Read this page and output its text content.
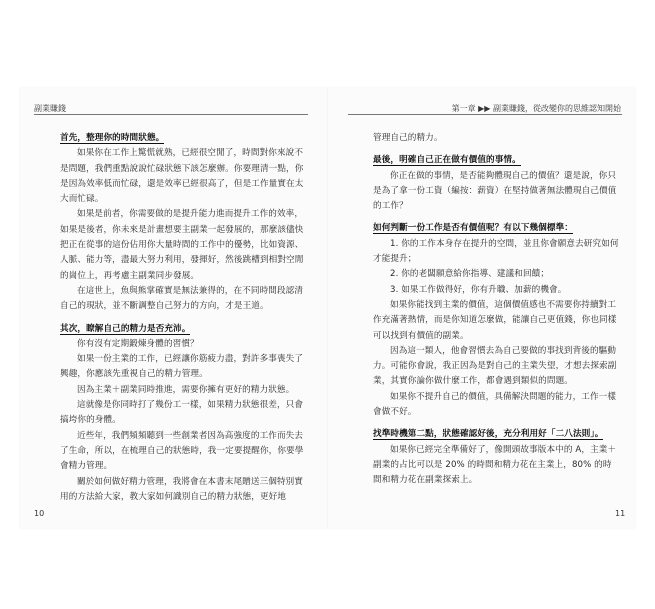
副業賺錢	第一章 ▶▶ 副業賺錢，從改變你的思維認知開始

首先，整理你的時間狀態。

如果你在工作上驚慌就熟，已經很空閒了，時間對你來說不是問題，我們重點說說忙碌狀態下該怎麼辦。你要理清一點，你是因為效率低而忙碌，還是效率已經很高了，但是工作量實在太大而忙碌。

如果是前者，你需要做的是提升能力進而提升工作的效率，如果是後者，你未來是計畫想要主副業一起發展的，那麼該儘快把正在從事的這份佔用你大量時間的工作中的優勢，比如資源、人脈、能力等，盡最大努力利用，發揮好，然後跳槽到相對空閒的崗位上，再考慮主副業同步發展。

在這世上，魚與熊掌確實是無法兼得的，在不同時間段認清自己的現狀，並不斷調整自己努力的方向，才是王道。

其次，瞭解自己的精力是否充沛。

你有沒有定期鍛煉身體的習慣？

如果一份主業的工作，已經讓你筋疲力盡，對許多事喪失了興趣，你應該先重視自己的精力管理。

因為主業＋副業同時推進，需要你擁有更好的精力狀態。

這就像是你同時打了幾份工一樣，如果精力狀態很差，只會搞垮你的身體。

近些年，我們頻頻聽到一些創業者因為高強度的工作而失去了生命，所以，在梳理自己的狀態時，我一定要提醒你，你要學會精力管理。

關於如何做好精力管理，我將會在本書末尾贈送三個特別實用的方法給大家，教大家如何識別自己的精力狀態，更好地

管理自己的精力。

最後，明確自己正在做有價值的事情。

你正在做的事情，是否能夠體現自己的價值？還是說，你只是為了拿一份工資（編按：薪資）在堅持做著無法體現自己價值的工作？

如何判斷一份工作是否有價值呢？有以下幾個標準：

1. 你的工作本身存在提升的空間，並且你會願意去研究如何才能提升；

2. 你的老闆願意給你指導、建議和回饋；

3. 如果工作做得好，你有升職、加薪的機會。

如果你能找到主業的價值，這個價值感也不需要你持續對工作充滿著熱情，而是你知道怎麼做，能讓自己更值錢，你也同樣可以找到有價值的副業。

因為這一類人，他會習慣去為自己要做的事找到背後的驅動力。可能你會說，我正因為是對自己的主業失望，才想去探索副業，其實你論你做什麼工作，都會遇到類似的問題。

如果你不提升自己的價值，具備解決問題的能力，工作一樣會做不好。

找準時機第二點，狀態確認好後，充分利用好「二八法則」。

如果你已經完全準備好了，像開頭故事版本中的 A，主業＋副業的占比可以是 20% 的時間和精力花在主業上，80% 的時間和精力花在副業探索上。

10	11
